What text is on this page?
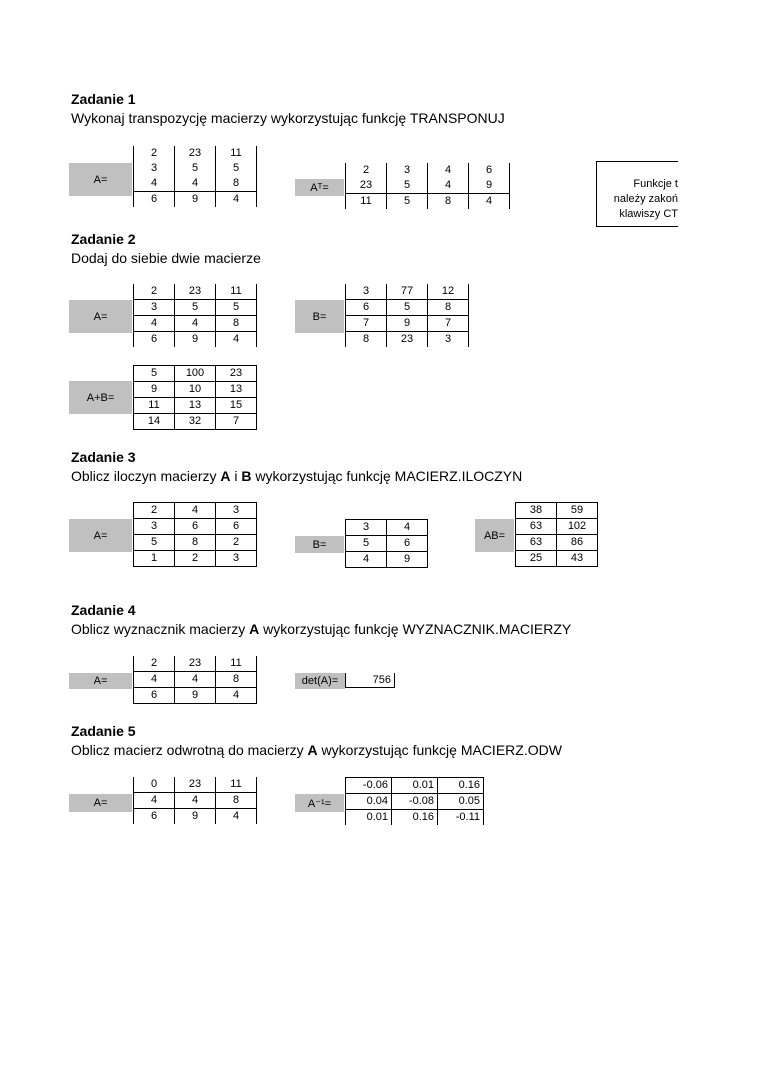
Zadanie 1
Wykonaj transpozycję macierzy wykorzystując funkcję TRANSPONUJ
A=
Aᵀ=	Funkcje t
należy zakoń
klawiszy CT
Zadanie 2
Dodaj do siebie dwie macierze
A=	B=
A+B=
Zadanie 3
Oblicz iloczyn macierzy A i B wykorzystując funkcję MACIERZ.ILOCZYN
A=
B=
AB=
Zadanie 4
Oblicz wyznacznik macierzy A wykorzystując funkcję WYZNACZNIK.MACIERZY
A=	det(A)=	756
Zadanie 5
Oblicz macierz odwrotną do macierzy A wykorzystując funkcję MACIERZ.ODW
A=	A⁻¹=
2	23	11
3	5	5
4	4	8
6	9	4
2	3	4	6
23	5	4	9
11	5	8	4
2	23	11
3	5	5
4	4	8
6	9	4
3	77	12
6	5	8
7	9	7
8	23	3
5	100	23
9	10	13
11	13	15
14	32	7
2	4	3
3	6	6
5	8	2
1	2	3
3	4
5	6
4	9
38	59
63	102
63	86
25	43
2	23	11
4	4	8
6	9	4
0	23	11
4	4	8
6	9	4
-0.06	0.01	0.16
0.04	-0.08	0.05
0.01	0.16	-0.11
